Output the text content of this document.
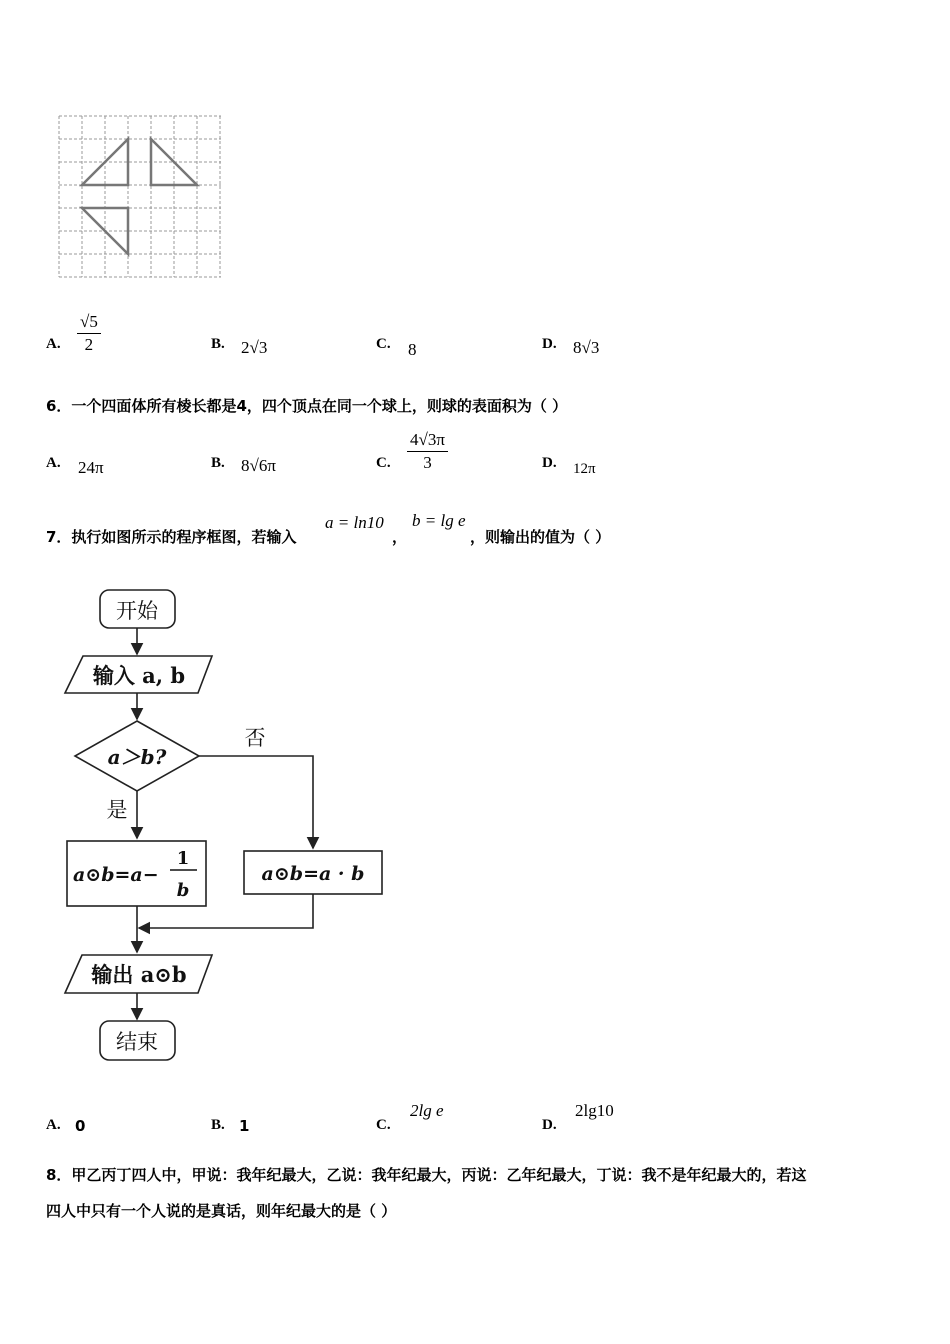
A. $\frac{√5}{2}$	B. 2√3	C. 8	D. 8√3
6．一个四面体所有棱长都是4，四个顶点在同一个球上，则球的表面积为（ ）
A. 24π	B. 8√6π	C. $\frac{4√3\pi}{3}$	D. 12π
7．执行如图所示的程序框图，若输入
a = ln10
，
b = lg e
，则输出的值为（ ）
开始
输入 a, b
a＞b?
否
是
a⊙b=a−
1
b
a⊙b=a · b
输出 a⊙b
结束
A. 0	B. 1	C.
2lg e
D.
2lg10
8．甲乙丙丁四人中，甲说：我年纪最大，乙说：我年纪最大，丙说：乙年纪最大，丁说：我不是年纪最大的，若这
四人中只有一个人说的是真话，则年纪最大的是（ ）
